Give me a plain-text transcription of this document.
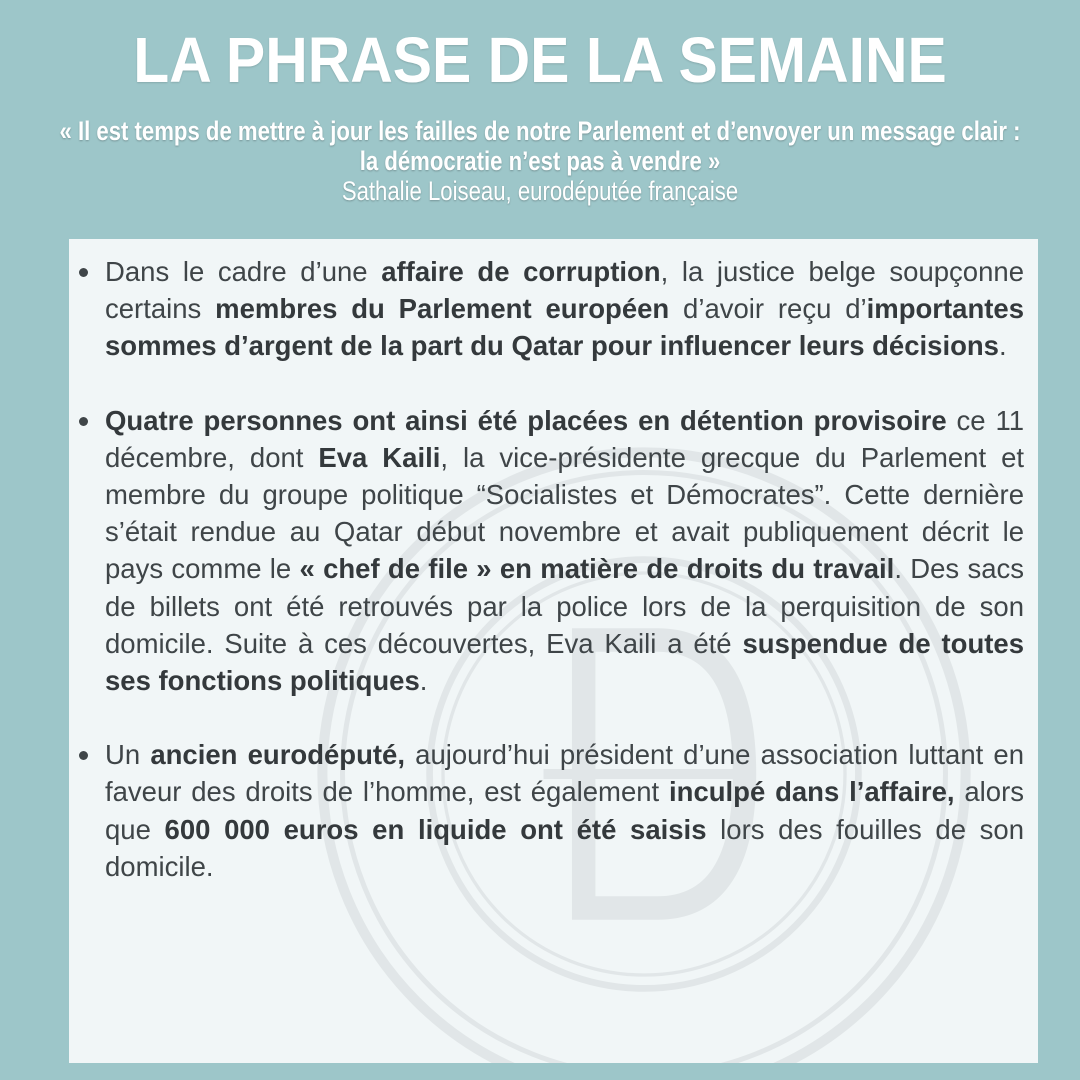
LA PHRASE DE LA SEMAINE
« Il est temps de mettre à jour les failles de notre Parlement et d’envoyer un message clair : la démocratie n’est pas à vendre »
Sathalie Loiseau, eurodéputée française
Dans le cadre d’une affaire de corruption, la justice belge soupçonne certains membres du Parlement européen d’avoir reçu d’importantes sommes d’argent de la part du Qatar pour influencer leurs décisions.
Quatre personnes ont ainsi été placées en détention provisoire ce 11 décembre, dont Eva Kaili, la vice-présidente grecque du Parlement et membre du groupe politique “Socialistes et Démocrates”. Cette dernière s’était rendue au Qatar début novembre et avait publiquement décrit le pays comme le « chef de file » en matière de droits du travail. Des sacs de billets ont été retrouvés par la police lors de la perquisition de son domicile. Suite à ces découvertes, Eva Kaili a été suspendue de toutes ses fonctions politiques.
Un ancien eurodéputé, aujourd’hui président d’une association luttant en faveur des droits de l’homme, est également inculpé dans l’affaire, alors que 600 000 euros en liquide ont été saisis lors des fouilles de son domicile.
